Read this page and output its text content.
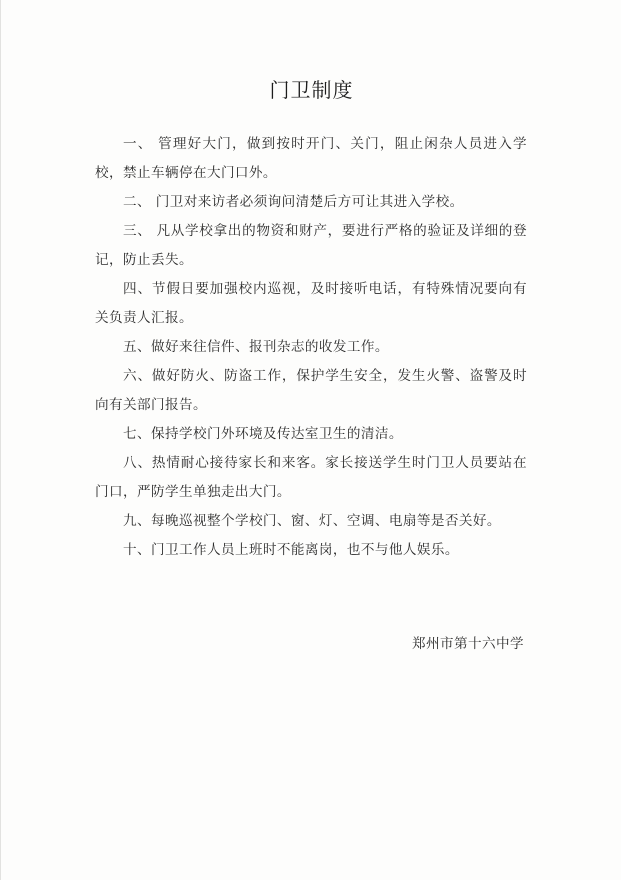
门卫制度
一、 管理好大门，做到按时开门、关门，阻止闲杂人员进入学校，禁止车辆停在大门口外。
二、 门卫对来访者必须询问清楚后方可让其进入学校。
三、 凡从学校拿出的物资和财产，要进行严格的验证及详细的登记，防止丢失。
四、节假日要加强校内巡视，及时接听电话，有特殊情况要向有关负责人汇报。
五、做好来往信件、报刊杂志的收发工作。
六、做好防火、防盗工作，保护学生安全，发生火警、盗警及时向有关部门报告。
七、保持学校门外环境及传达室卫生的清洁。
八、热情耐心接待家长和来客。家长接送学生时门卫人员要站在门口，严防学生单独走出大门。
九、每晚巡视整个学校门、窗、灯、空调、电扇等是否关好。
十、门卫工作人员上班时不能离岗，也不与他人娱乐。
郑州市第十六中学
